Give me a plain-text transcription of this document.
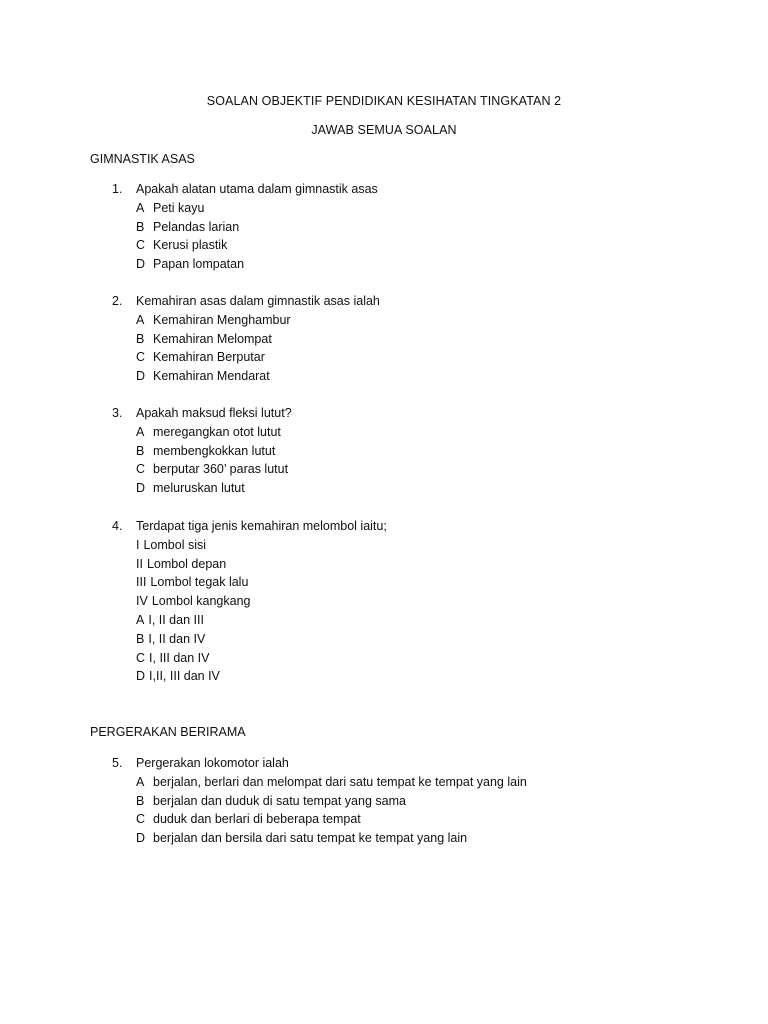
SOALAN OBJEKTIF PENDIDIKAN KESIHATAN TINGKATAN 2
JAWAB SEMUA SOALAN
GIMNASTIK ASAS
1. Apakah alatan utama dalam gimnastik asas
A Peti kayu
B Pelandas larian
C Kerusi plastik
D Papan lompatan
2. Kemahiran asas dalam gimnastik asas ialah
A Kemahiran Menghambur
B Kemahiran Melompat
C Kemahiran Berputar
D Kemahiran Mendarat
3. Apakah maksud fleksi lutut?
A meregangkan otot lutut
B membengkokkan lutut
C berputar 360’ paras lutut
D meluruskan lutut
4. Terdapat tiga jenis kemahiran melombol iaitu;
I Lombol sisi
II Lombol depan
III Lombol tegak lalu
IV Lombol kangkang
A I, II dan III
B I, II dan IV
C I, III dan IV
D I,II, III dan IV
PERGERAKAN BERIRAMA
5. Pergerakan lokomotor ialah
A berjalan, berlari dan melompat dari satu tempat ke tempat yang lain
B berjalan dan duduk di satu tempat yang sama
C duduk dan berlari di beberapa tempat
D berjalan dan bersila dari satu tempat ke tempat yang lain
